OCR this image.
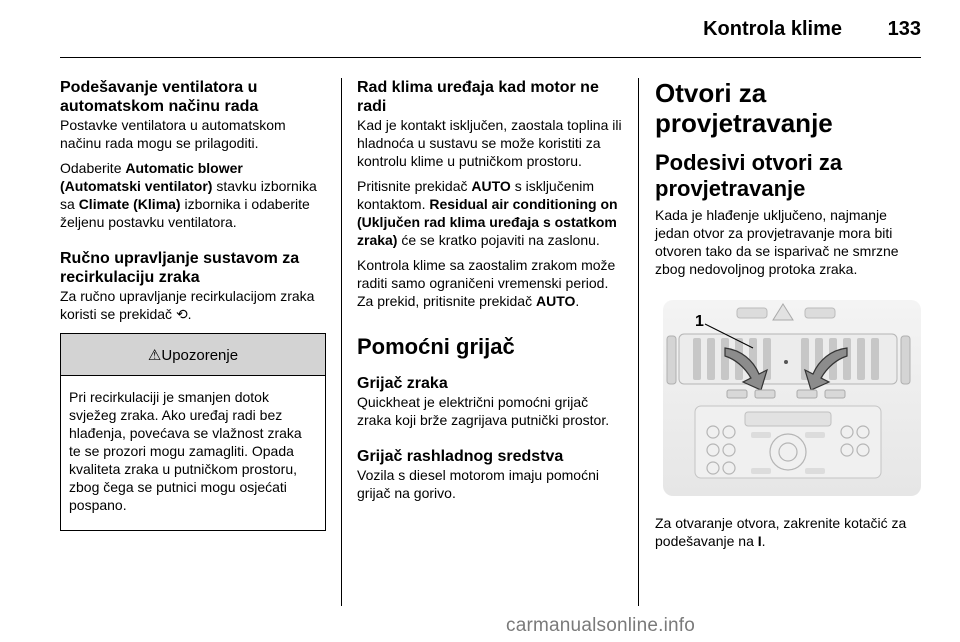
Kontrola klime 133
Podešavanje ventilatora u automatskom načinu rada

Postavke ventilatora u automatskom načinu rada mogu se prilagoditi.

Odaberite Automatic blower (Automatski ventilator) stavku izbornika sa Climate (Klima) izbornika i odaberite željenu postavku ventilatora.

Ručno upravljanje sustavom za recirkulaciju zraka

Za ručno upravljanje recirkulacijom zraka koristi se prekidač ⟲.

⚠Upozorenje
Pri recirkulaciji je smanjen dotok svježeg zraka. Ako uređaj radi bez hlađenja, povećava se vlažnost zraka te se prozori mogu zamagliti. Opada kvaliteta zraka u putničkom prostoru, zbog čega se putnici mogu osjećati pospano.
Rad klima uređaja kad motor ne radi

Kad je kontakt isključen, zaostala toplina ili hladnoća u sustavu se može koristiti za kontrolu klime u putničkom prostoru.

Pritisnite prekidač AUTO s isključenim kontaktom. Residual air conditioning on (Uključen rad klima uređaja s ostatkom zraka) će se kratko pojaviti na zaslonu.

Kontrola klime sa zaostalim zrakom može raditi samo ograničeni vremenski period. Za prekid, pritisnite prekidač AUTO.

Pomoćni grijač
Grijač zraka

Quickheat je električni pomoćni grijač zraka koji brže zagrijava putnički prostor.

Grijač rashladnog sredstva

Vozila s diesel motorom imaju pomoćni grijač na gorivo.

Otvori za provjetravanje
Podesivi otvori za provjetravanje

Kada je hlađenje uključeno, najmanje jedan otvor za provjetravanje mora biti otvoren tako da se isparivač ne smrzne zbog nedovoljnog protoka zraka.

1

Za otvaranje otvora, zakrenite kotačić za podešavanje na I.

carmanualsonline.info
